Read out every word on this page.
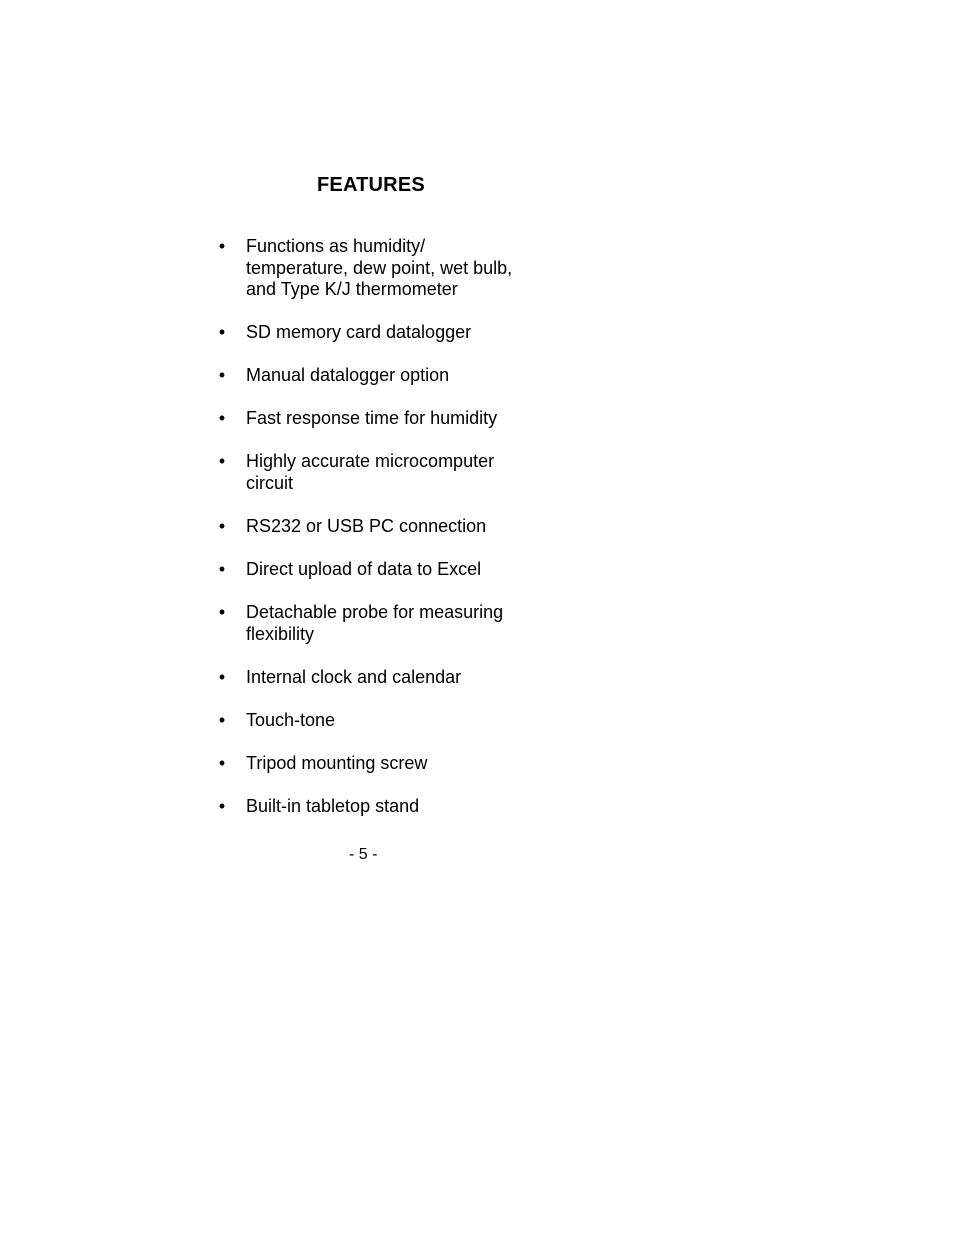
FEATURES
• Functions as humidity/
temperature, dew point, wet bulb,
and Type K/J thermometer
• SD memory card datalogger
• Manual datalogger option
• Fast response time for humidity
• Highly accurate microcomputer
circuit
• RS232 or USB PC connection
• Direct upload of data to Excel
• Detachable probe for measuring
flexibility
• Internal clock and calendar
• Touch-tone
• Tripod mounting screw
• Built-in tabletop stand
- 5 -
